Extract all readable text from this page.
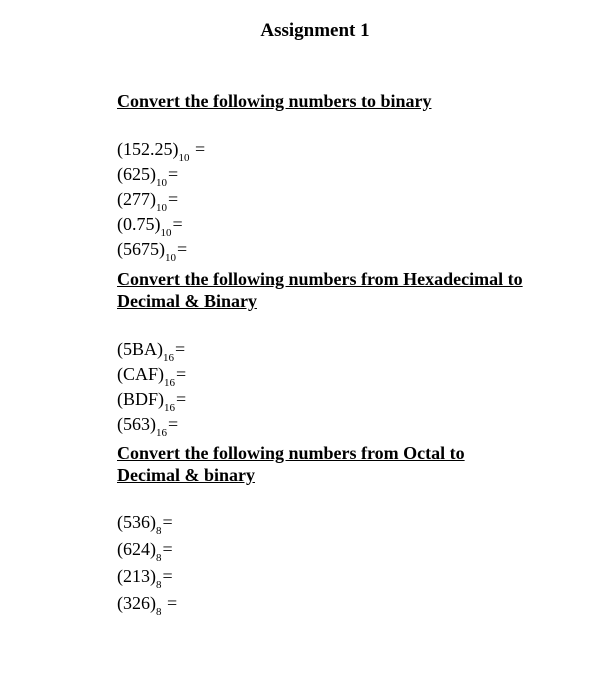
Assignment 1
Convert the following numbers to binary
$(152.25)_{10}$ =
$(625)_{10}=$
$(277)_{10}=$
$(0.75)_{10}=$
$(5675)_{10}=$
Convert the following numbers from Hexadecimal to
Decimal & Binary
$(5BA)_{16}=$
$(CAF)_{16}=$
$(BDF)_{16}=$
$(563)_{16}=$
Convert the following numbers from Octal to
Decimal & binary
$(536)_8=$
$(624)_8=$
$(213)_8=$
$(326)_8$ =
